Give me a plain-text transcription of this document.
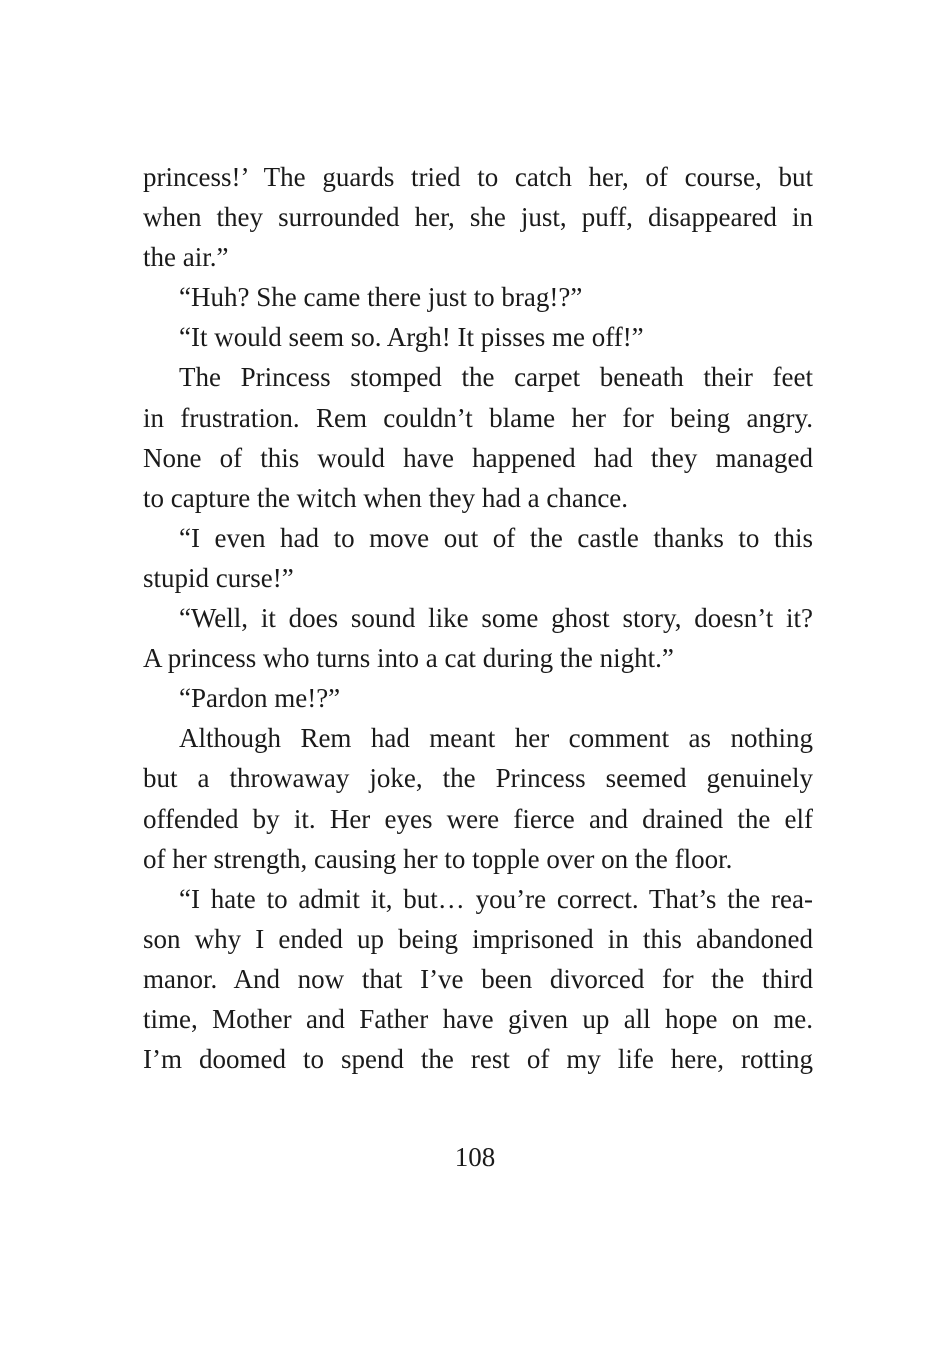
princess!’ The guards tried to catch her, of course, but
when they surrounded her, she just, puff, disappeared in
the air.”
“Huh? She came there just to brag!?”
“It would seem so. Argh! It pisses me off!”
The Princess stomped the carpet beneath their feet
in frustration. Rem couldn’t blame her for being angry.
None of this would have happened had they managed
to capture the witch when they had a chance.
“I even had to move out of the castle thanks to this
stupid curse!”
“Well, it does sound like some ghost story, doesn’t it?
A princess who turns into a cat during the night.”
“Pardon me!?”
Although Rem had meant her comment as nothing
but a throwaway joke, the Princess seemed genuinely
offended by it. Her eyes were fierce and drained the elf
of her strength, causing her to topple over on the floor.
“I hate to admit it, but… you’re correct. That’s the rea-
son why I ended up being imprisoned in this abandoned
manor. And now that I’ve been divorced for the third
time, Mother and Father have given up all hope on me.
I’m doomed to spend the rest of my life here, rotting
108
